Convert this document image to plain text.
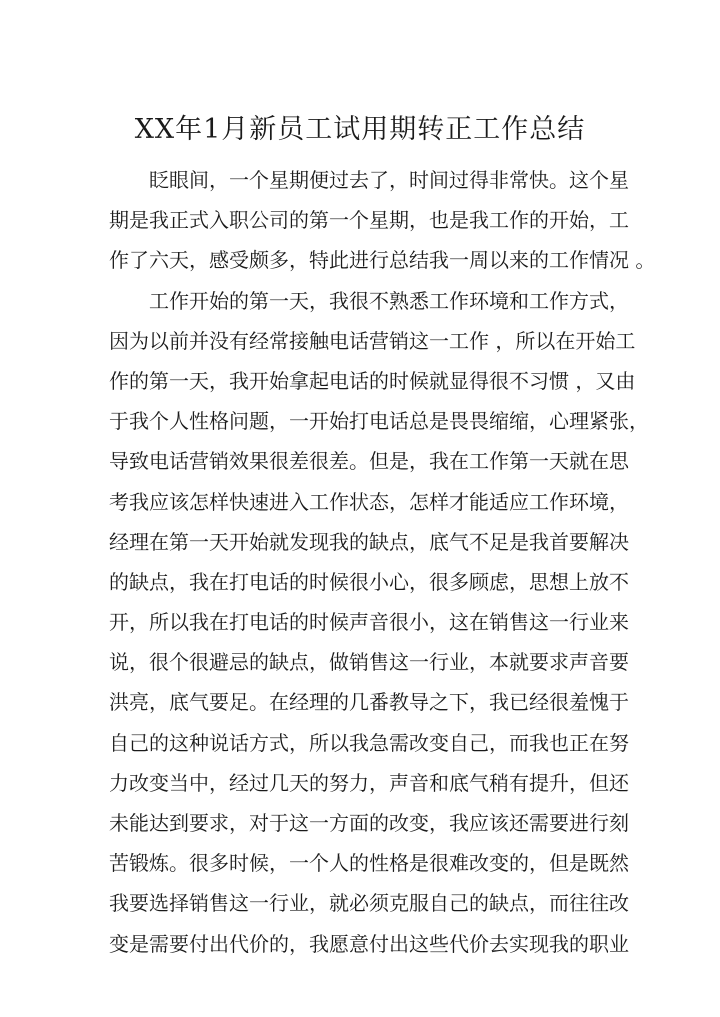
XX年1月新员工试用期转正工作总结
眨眼间，一个星期便过去了，时间过得非常快。这个星
期是我正式入职公司的第一个星期，也是我工作的开始，工
作了六天，感受颇多，特此进行总结我一周以来的工作情况 。
工作开始的第一天，我很不熟悉工作环境和工作方式，
因为以前并没有经常接触电话营销这一工作 ，所以在开始工
作的第一天，我开始拿起电话的时候就显得很不习惯 ，又由
于我个人性格问题，一开始打电话总是畏畏缩缩，心理紧张，
导致电话营销效果很差很差。但是，我在工作第一天就在思
考我应该怎样快速进入工作状态，怎样才能适应工作环境，
经理在第一天开始就发现我的缺点，底气不足是我首要解决
的缺点，我在打电话的时候很小心，很多顾虑，思想上放不
开，所以我在打电话的时候声音很小，这在销售这一行业来
说，很个很避忌的缺点，做销售这一行业，本就要求声音要
洪亮，底气要足。在经理的几番教导之下，我已经很羞愧于
自己的这种说话方式，所以我急需改变自己，而我也正在努
力改变当中，经过几天的努力，声音和底气稍有提升，但还
未能达到要求，对于这一方面的改变，我应该还需要进行刻
苦锻炼。很多时候，一个人的性格是很难改变的，但是既然
我要选择销售这一行业，就必须克服自己的缺点，而往往改
变是需要付出代价的，我愿意付出这些代价去实现我的职业
